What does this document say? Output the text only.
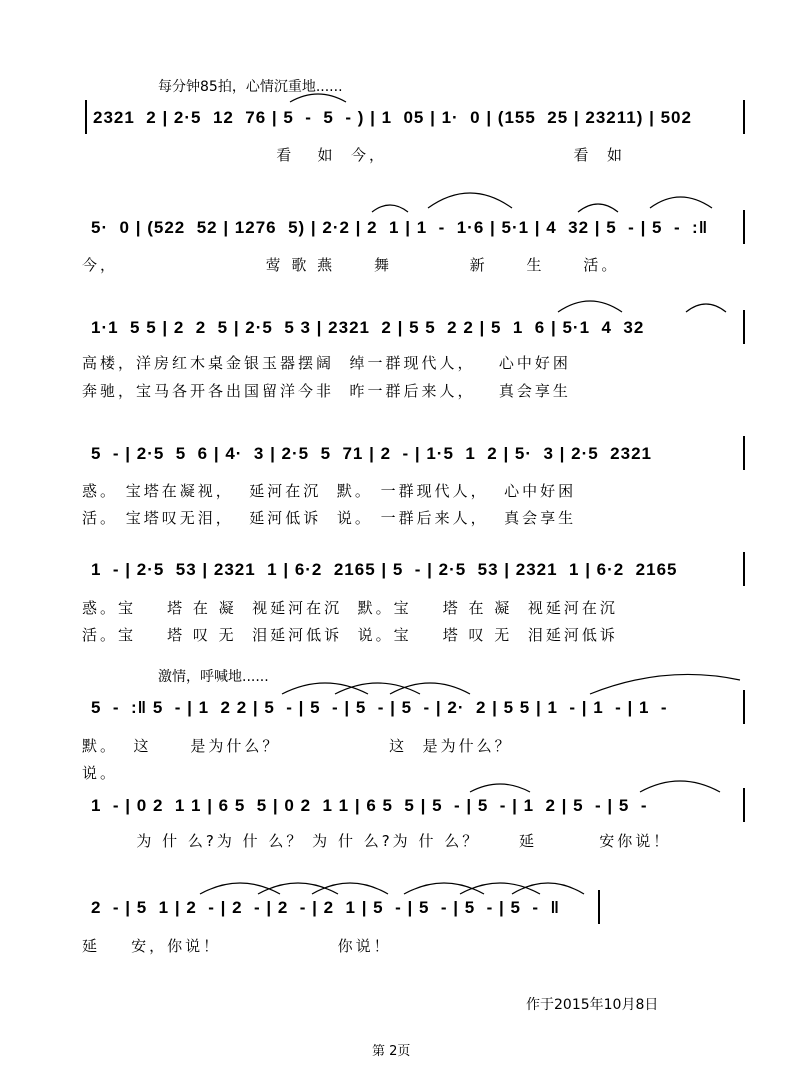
每分钟85拍，心情沉重地......
2321  2 | 2·5  12  76 | 5  -  5  - ) | 1  05 | 1·  0 | (155  25 | 23211) | 502
看   如  今，                        看  如
5·  0 | (522  52 | 1276  5) | 2·2 | 2  1 | 1  -  1·6 | 5·1 | 4  32 | 5  - | 5  -  :‖
今，                   莺 歌 燕     舞          新     生     活。
1·1  5 5 | 2  2  5 | 2·5  5 3 | 2321  2 | 5 5  2 2 | 5  1  6 | 5·1  4  32
高楼，洋房红木桌金银玉器摆阔  绰一群现代人，   心中好困
奔驰，宝马各开各出国留洋今非  昨一群后来人，   真会享生
5  - | 2·5  5  6 | 4·  3 | 2·5  5  71 | 2  - | 1·5  1  2 | 5·  3 | 2·5  2321
惑。 宝塔在凝视，  延河在沉  默。 一群现代人，  心中好困
活。 宝塔叹无泪，  延河低诉  说。 一群后来人，  真会享生
1  - | 2·5  53 | 2321  1 | 6·2  2165 | 5  - | 2·5  53 | 2321  1 | 6·2  2165
惑。宝    塔 在 凝  视延河在沉  默。宝    塔 在 凝  视延河在沉
活。宝    塔 叹 无  泪延河低诉  说。宝    塔 叹 无  泪延河低诉
激情，呼喊地......
5  -  :‖ 5  - | 1  2 2 | 5  - | 5  - | 5  - | 5  - | 2·  2 | 5 5 | 1  - | 1  - | 1  -
默。  这     是为什么？              这  是为什么？
说。
1  - | 0 2  1 1 | 6 5  5 | 0 2  1 1 | 6 5  5 | 5  - | 5  - | 1  2 | 5  - | 5  -
为 什 么?为 什 么？ 为 什 么?为 什 么？     延        安你说！
2  - | 5  1 | 2  - | 2  - | 2  - | 2  1 | 5  - | 5  - | 5  - | 5  -  ‖
延    安，你说！               你说！
作于2015年10月8日
第 2页
